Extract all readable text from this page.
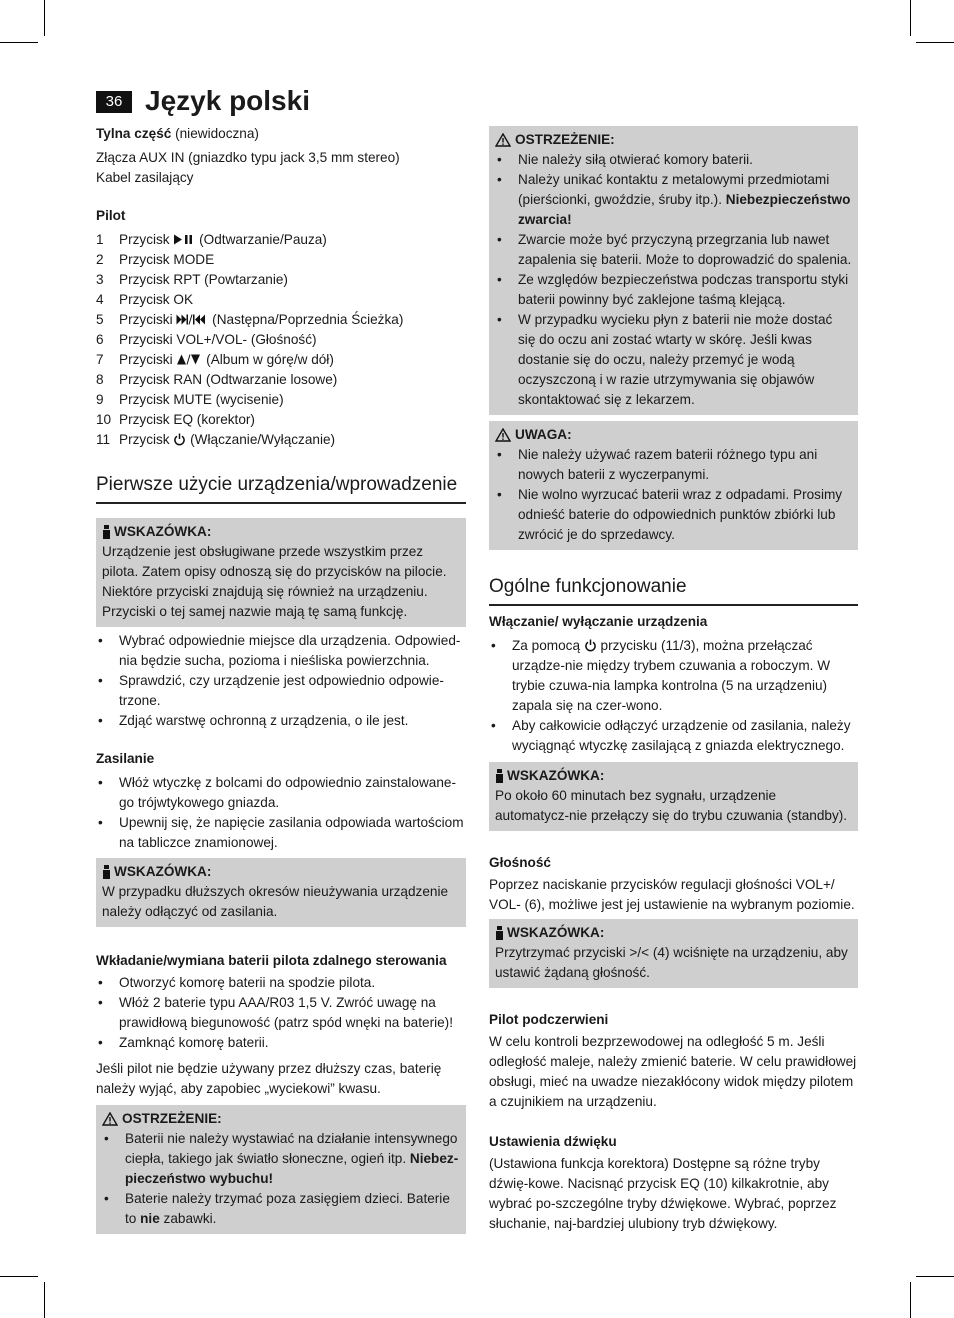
36 Język polski

Tylna część (niewidoczna)

Złącza AUX IN (gniazdko typu jack 3,5 mm stereo)

Kabel zasilający

Pilot

1	Przycisk  (Odtwarzanie/Pauza)
2	Przycisk MODE
3	Przycisk RPT (Powtarzanie)
4	Przycisk OK
5	Przyciski  (Następna/Poprzednia Ścieżka)
6	Przyciski VOL+/VOL- (Głośność)
7	Przyciski  (Album w górę/w dół)
8	Przycisk RAN (Odtwarzanie losowe)
9	Przycisk MUTE (wycisenie)
10 Przycisk EQ (korektor)
11 Przycisk  (Włączanie/Wyłączanie)
Pierwsze użycie urządzenia/wprowadzenie
WSKAZÓWKA:

Urządzenie jest obsługiwane przede wszystkim przez pilota. Zatem opisy odnoszą się do przycisków na pilocie. Niektóre przyciski znajdują się również na urządzeniu. Przyciski o tej samej nazwie mają tę samą funkcję.

• Wybrać odpowiednie miejsce dla urządzenia. Odpowied-nia będzie sucha, pozioma i nieśliska powierzchnia.
• Sprawdzić, czy urządzenie jest odpowiednio odpowie-trzone.
• Zdjąć warstwę ochronną z urządzenia, o ile jest.

Zasilanie

• Włóż wtyczkę z bolcami do odpowiednio zainstalowane-go trójwtykowego gniazda.
• Upewnij się, że napięcie zasilania odpowiada wartościom na tabliczce znamionowej.
WSKAZÓWKA:

W przypadku dłuższych okresów nieużywania urządzenie należy odłączyć od zasilania.

Wkładanie/wymiana baterii pilota zdalnego sterowania

• Otworzyć komorę baterii na spodzie pilota.
• Włóż 2 baterie typu AAA/R03 1,5 V. Zwróć uwagę na prawidłową biegunowość (patrz spód wnęki na baterie)!
• Zamknąć komorę baterii.

Jeśli pilot nie będzie używany przez dłuższy czas, baterię należy wyjąć, aby zapobiec „wyciekowi” kwasu.

OSTRZEŻENIE:
• Baterii nie należy wystawiać na działanie intensywnego ciepła, takiego jak światło słoneczne, ogień itp. Niebez-pieczeństwo wybuchu!
• Baterie należy trzymać poza zasięgiem dzieci. Baterie to nie zabawki.
OSTRZEŻENIE:
• Nie należy siłą otwierać komory baterii.
• Należy unikać kontaktu z metalowymi przedmiotami (pierścionki, gwoździe, śruby itp.). Niebezpieczeństwo zwarcia!
• Zwarcie może być przyczyną przegrzania lub nawet zapalenia się baterii. Może to doprowadzić do spalenia.
• Ze względów bezpieczeństwa podczas transportu styki baterii powinny być zaklejone taśmą klejącą.
• W przypadku wycieku płyn z baterii nie może dostać się do oczu ani zostać wtarty w skórę. Jeśli kwas dostanie się do oczu, należy przemyć je wodą oczyszczoną i w razie utrzymywania się objawów skontaktować się z lekarzem.
UWAGA:
• Nie należy używać razem baterii różnego typu ani nowych baterii z wyczerpanymi.
• Nie wolno wyrzucać baterii wraz z odpadami. Prosimy odnieść baterie do odpowiednich punktów zbiórki lub zwrócić je do sprzedawcy.
Ogólne funkcjonowanie

Włączanie/ wyłączanie urządzenia

• Za pomocą  przycisku (11/3), można przełączać urządze-nie między trybem czuwania a roboczym. W trybie czuwa-nia lampka kontrolna (5 na urządzeniu) zapala się na czer-wono.
• Aby całkowicie odłączyć urządzenie od zasilania, należy wyciągnąć wtyczkę zasilającą z gniazda elektrycznego.
WSKAZÓWKA:

Po około 60 minutach bez sygnału, urządzenie automatycz-nie przełączy się do trybu czuwania (standby).

Głośność

Poprzez naciskanie przycisków regulacji głośności VOL+/ VOL- (6), możliwe jest jej ustawienie na wybranym poziomie.

WSKAZÓWKA:

Przytrzymać przyciski >/< (4) wciśnięte na urządzeniu, aby ustawić żądaną głośność.

Pilot podczerwieni

W celu kontroli bezprzewodowej na odległość 5 m. Jeśli odległość maleje, należy zmienić baterie. W celu prawidłowej obsługi, mieć na uwadze niezakłócony widok między pilotem a czujnikiem na urządzeniu.

Ustawienia dźwięku

(Ustawiona funkcja korektora) Dostępne są różne tryby dźwię-kowe. Nacisnąć przycisk EQ (10) kilkakrotnie, aby wybrać po-szczególne tryby dźwiękowe. Wybrać, poprzez słuchanie, naj-bardziej ulubiony tryb dźwiękowy.
